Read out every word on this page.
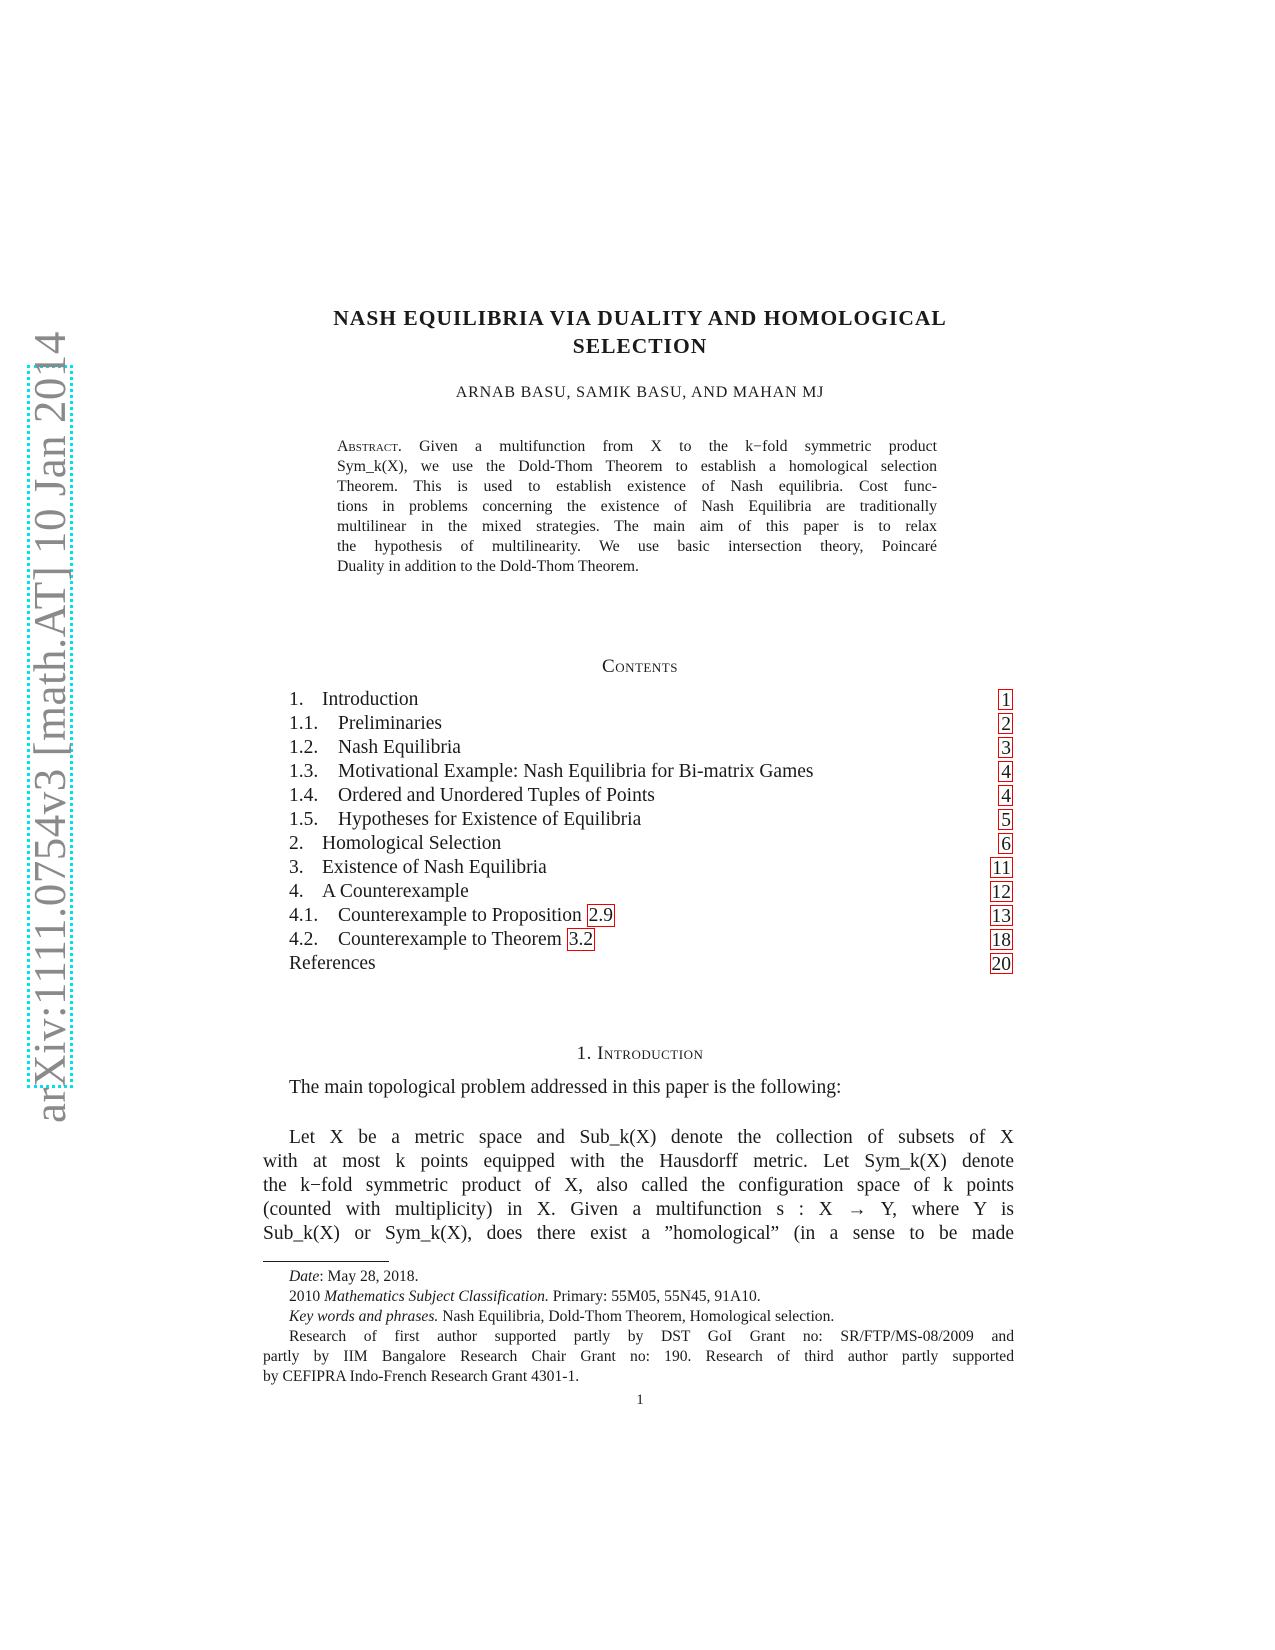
arXiv:1111.0754v3 [math.AT] 10 Jan 2014
NASH EQUILIBRIA VIA DUALITY AND HOMOLOGICAL
SELECTION
ARNAB BASU, SAMIK BASU, AND MAHAN MJ
Abstract. Given a multifunction from X to the k−fold symmetric product
Sym_k(X), we use the Dold-Thom Theorem to establish a homological selection
Theorem. This is used to establish existence of Nash equilibria. Cost func-
tions in problems concerning the existence of Nash Equilibria are traditionally
multilinear in the mixed strategies. The main aim of this paper is to relax
the hypothesis of multilinearity. We use basic intersection theory, Poincaré
Duality in addition to the Dold-Thom Theorem.
Contents
1. Introduction	1
1.1. Preliminaries	2
1.2. Nash Equilibria	3
1.3. Motivational Example: Nash Equilibria for Bi-matrix Games	4
1.4. Ordered and Unordered Tuples of Points	4
1.5. Hypotheses for Existence of Equilibria	5
2. Homological Selection	6
3. Existence of Nash Equilibria	11
4. A Counterexample	12
4.1. Counterexample to Proposition 2.9	13
4.2. Counterexample to Theorem 3.2	18
References	20
1. Introduction
The main topological problem addressed in this paper is the following:
Let X be a metric space and Sub_k(X) denote the collection of subsets of X
with at most k points equipped with the Hausdorff metric. Let Sym_k(X) denote
the k−fold symmetric product of X, also called the configuration space of k points
(counted with multiplicity) in X. Given a multifunction s : X → Y, where Y is
Sub_k(X) or Sym_k(X), does there exist a ”homological” (in a sense to be made
Date: May 28, 2018.
2010 Mathematics Subject Classification. Primary: 55M05, 55N45, 91A10.
Key words and phrases. Nash Equilibria, Dold-Thom Theorem, Homological selection.
Research of first author supported partly by DST GoI Grant no: SR/FTP/MS-08/2009 and
partly by IIM Bangalore Research Chair Grant no: 190. Research of third author partly supported
by CEFIPRA Indo-French Research Grant 4301-1.
1
